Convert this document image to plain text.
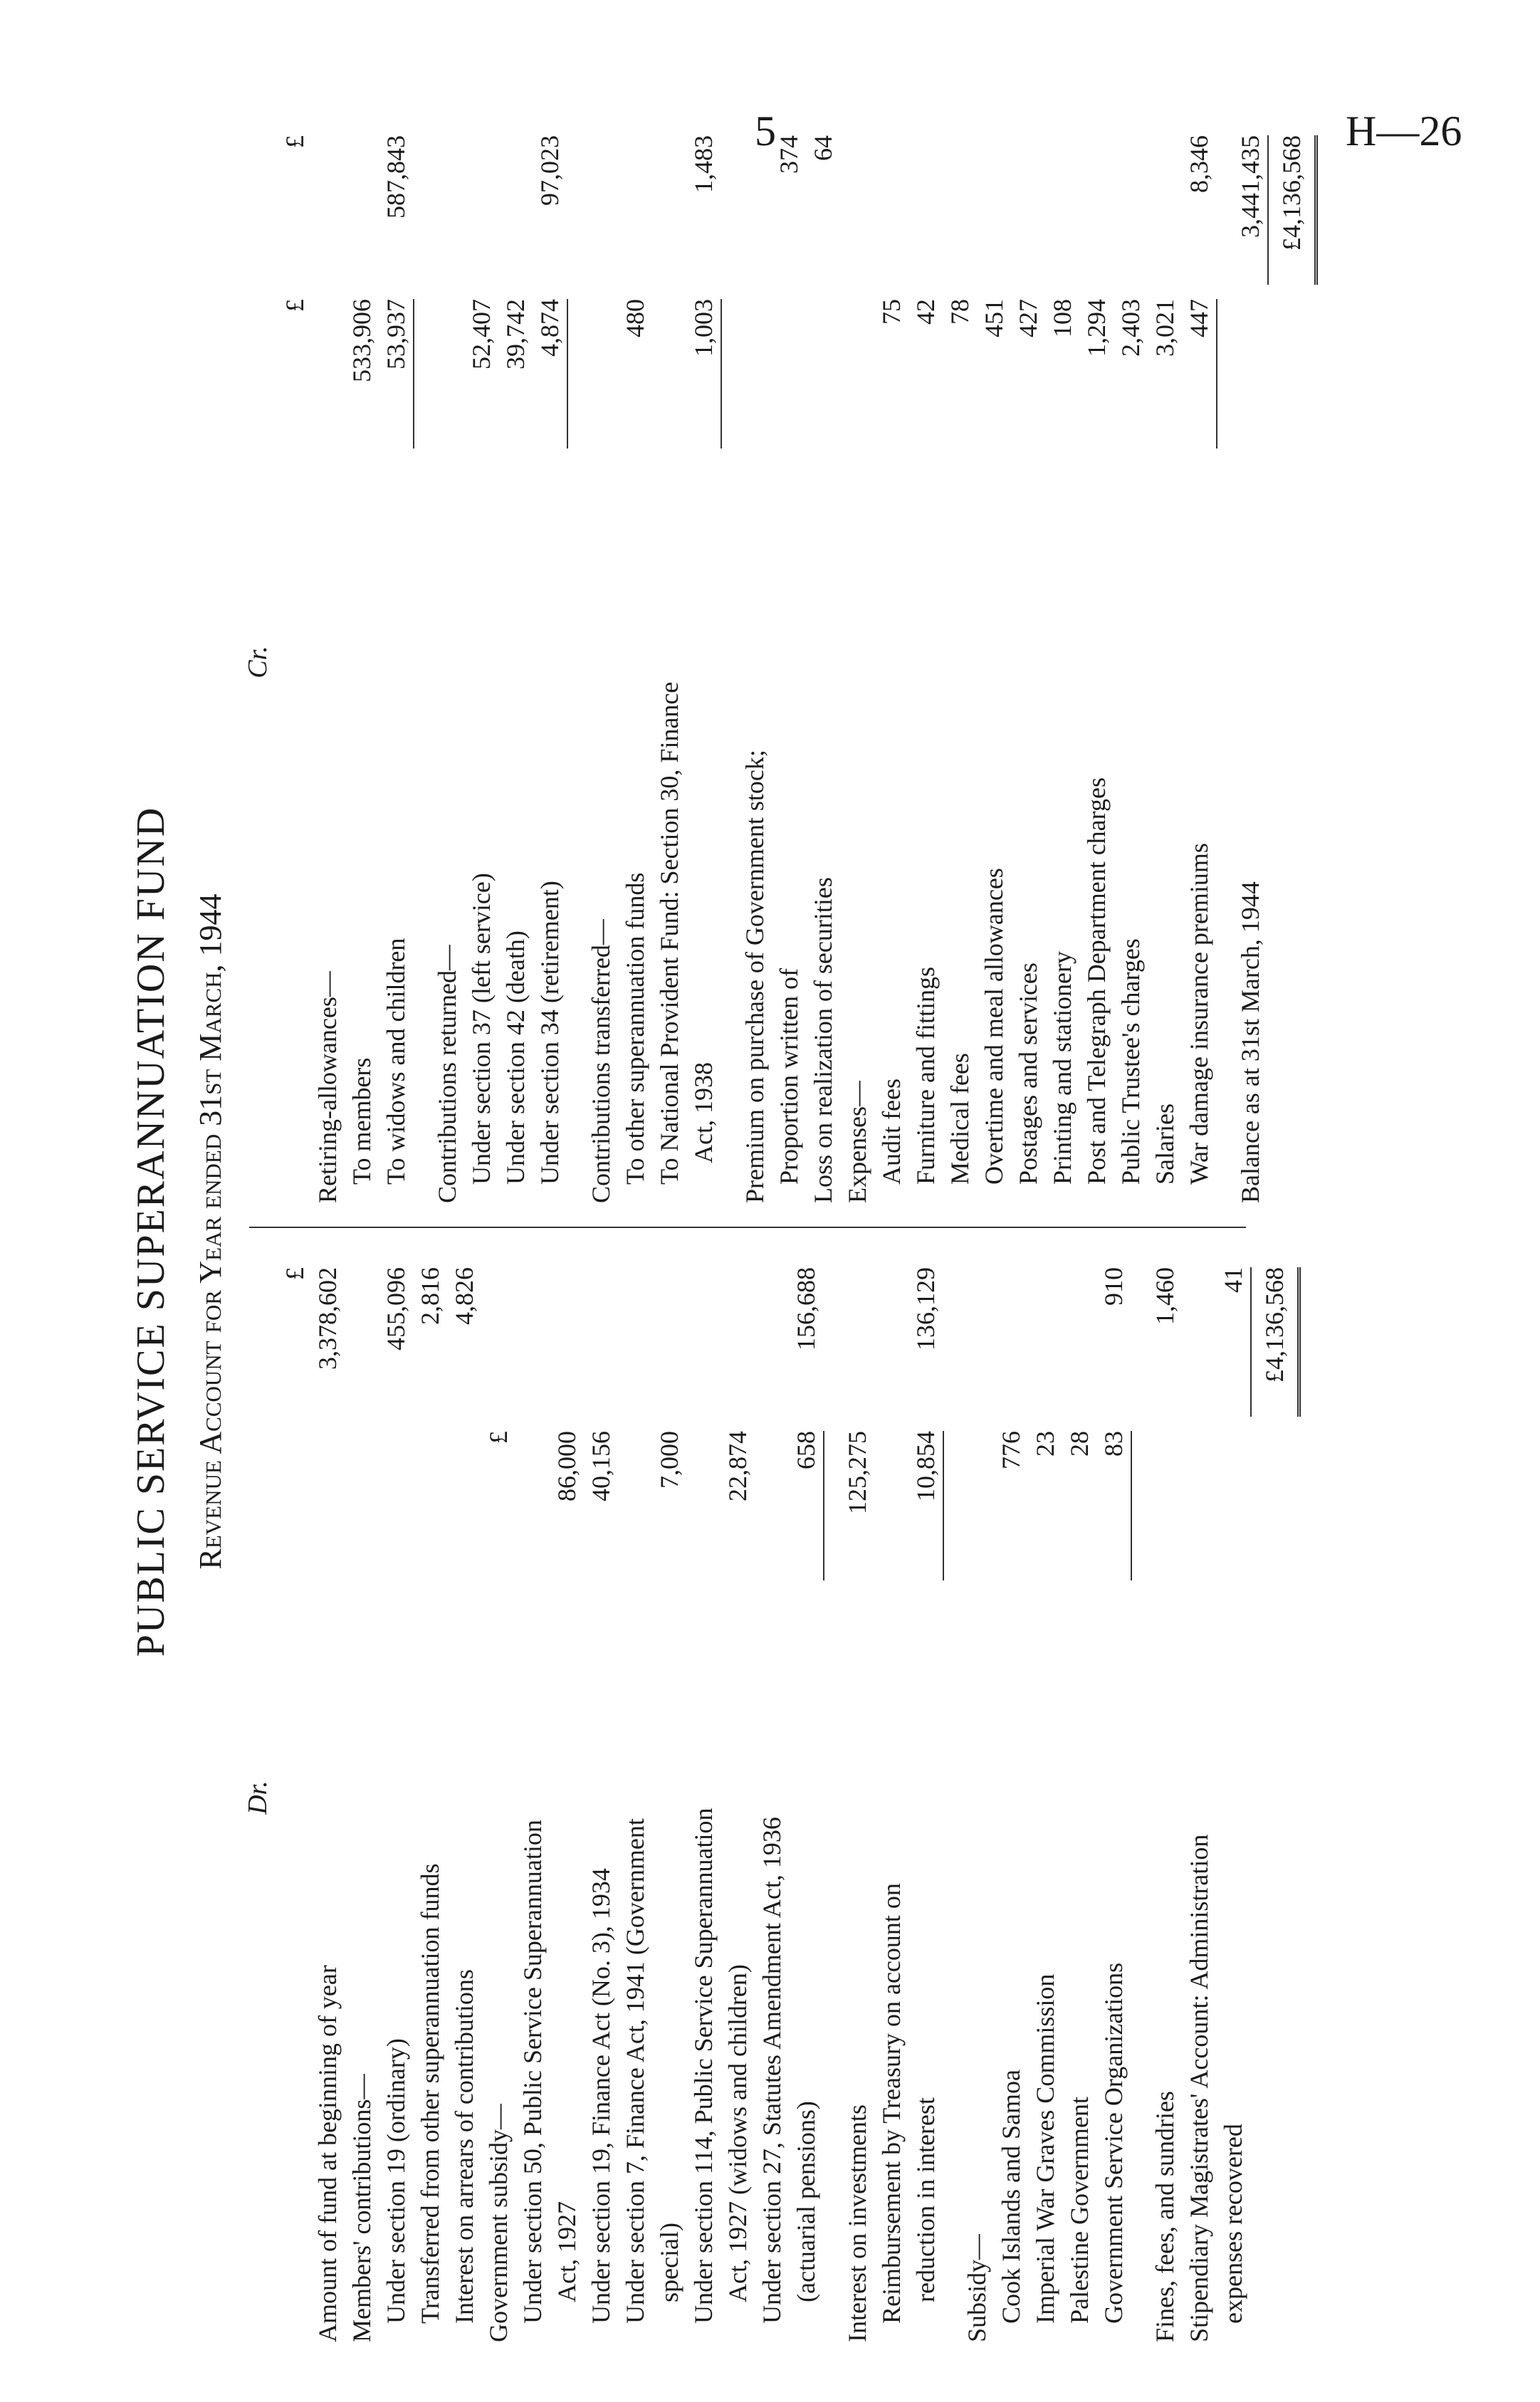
5	H—26
PUBLIC SERVICE SUPERANNUATION FUND Revenue Account for Year ended 31st March, 1944
Dr.
£
Amount of fund at beginning of year
3,378,602
Members' contributions— Under section 19 (ordinary)
455,096
Transferred from other superannuation funds
2,816
Interest on arrears of contributions
4,826
Government subsidy—
£
Under section 50, Public Service Superannuation Act, 1927
86,000
Under section 19, Finance Act (No. 3), 1934
40,156
Under section 7, Finance Act, 1941 (Government special)
7,000
Under section 114, Public Service Superannuation Act, 1927 (widows and children)
22,874
Under section 27, Statutes Amendment Act, 1936 (actuarial pensions)
658
156,688
Interest on investments
125,275
Reimbursement by Treasury on account on reduction in interest
10,854
136,129
Subsidy— Cook Islands and Samoa
776
Imperial War Graves Commission
23
Palestine Government
28
Government Service Organizations
83
910
Fines, fees, and sundries
1,460
Stipendiary Magistrates' Account: Administration expenses recovered
41 £4,136,568
Cr.
£
£
Retiring-allowances— To members
533,906
To widows and children
53,937
587,843
Contributions returned— Under section 37 (left service)
52,407
Under section 42 (death)
39,742
Under section 34 (retirement)
4,874
97,023
Contributions transferred— To other superannuation funds
480
To National Provident Fund: Section 30, Finance Act, 1938
1,003
1,483
Premium on purchase of Government stock; Proportion written of
374
Loss on realization of securities
64
Expenses— Audit fees
75
Furniture and fittings
42
Medical fees
78
Overtime and meal allowances
451
Postages and services
427
Printing and stationery
108
Post and Telegraph Department charges
1,294
Public Trustee's charges
2,403
Salaries
3,021
War damage insurance premiums
447
8,346
Balance as at 31st March, 1944
3,441,435 £4,136,568
